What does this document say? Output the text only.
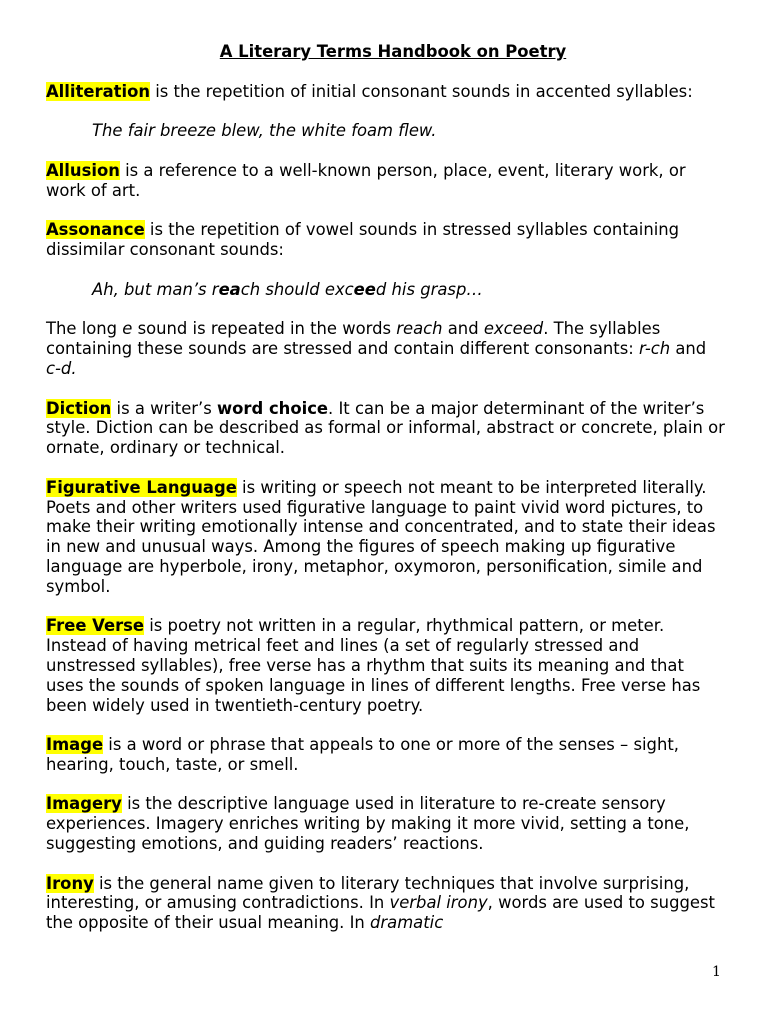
A Literary Terms Handbook on Poetry
Alliteration is the repetition of initial consonant sounds in accented syllables:
The fair breeze blew, the white foam flew.
Allusion is a reference to a well-known person, place, event, literary work, or work of art.
Assonance is the repetition of vowel sounds in stressed syllables containing dissimilar consonant sounds:
Ah, but man’s reach should exceed his grasp…
The long e sound is repeated in the words reach and exceed. The syllables containing these sounds are stressed and contain different consonants: r-ch and c-d.
Diction is a writer’s word choice. It can be a major determinant of the writer’s style. Diction can be described as formal or informal, abstract or concrete, plain or ornate, ordinary or technical.
Figurative Language is writing or speech not meant to be interpreted literally. Poets and other writers used figurative language to paint vivid word pictures, to make their writing emotionally intense and concentrated, and to state their ideas in new and unusual ways. Among the figures of speech making up figurative language are hyperbole, irony, metaphor, oxymoron, personification, simile and symbol.
Free Verse is poetry not written in a regular, rhythmical pattern, or meter. Instead of having metrical feet and lines (a set of regularly stressed and unstressed syllables), free verse has a rhythm that suits its meaning and that uses the sounds of spoken language in lines of different lengths. Free verse has been widely used in twentieth-century poetry.
Image is a word or phrase that appeals to one or more of the senses – sight, hearing, touch, taste, or smell.
Imagery is the descriptive language used in literature to re-create sensory experiences. Imagery enriches writing by making it more vivid, setting a tone, suggesting emotions, and guiding readers’ reactions.
Irony is the general name given to literary techniques that involve surprising, interesting, or amusing contradictions. In verbal irony, words are used to suggest the opposite of their usual meaning. In dramatic
1
